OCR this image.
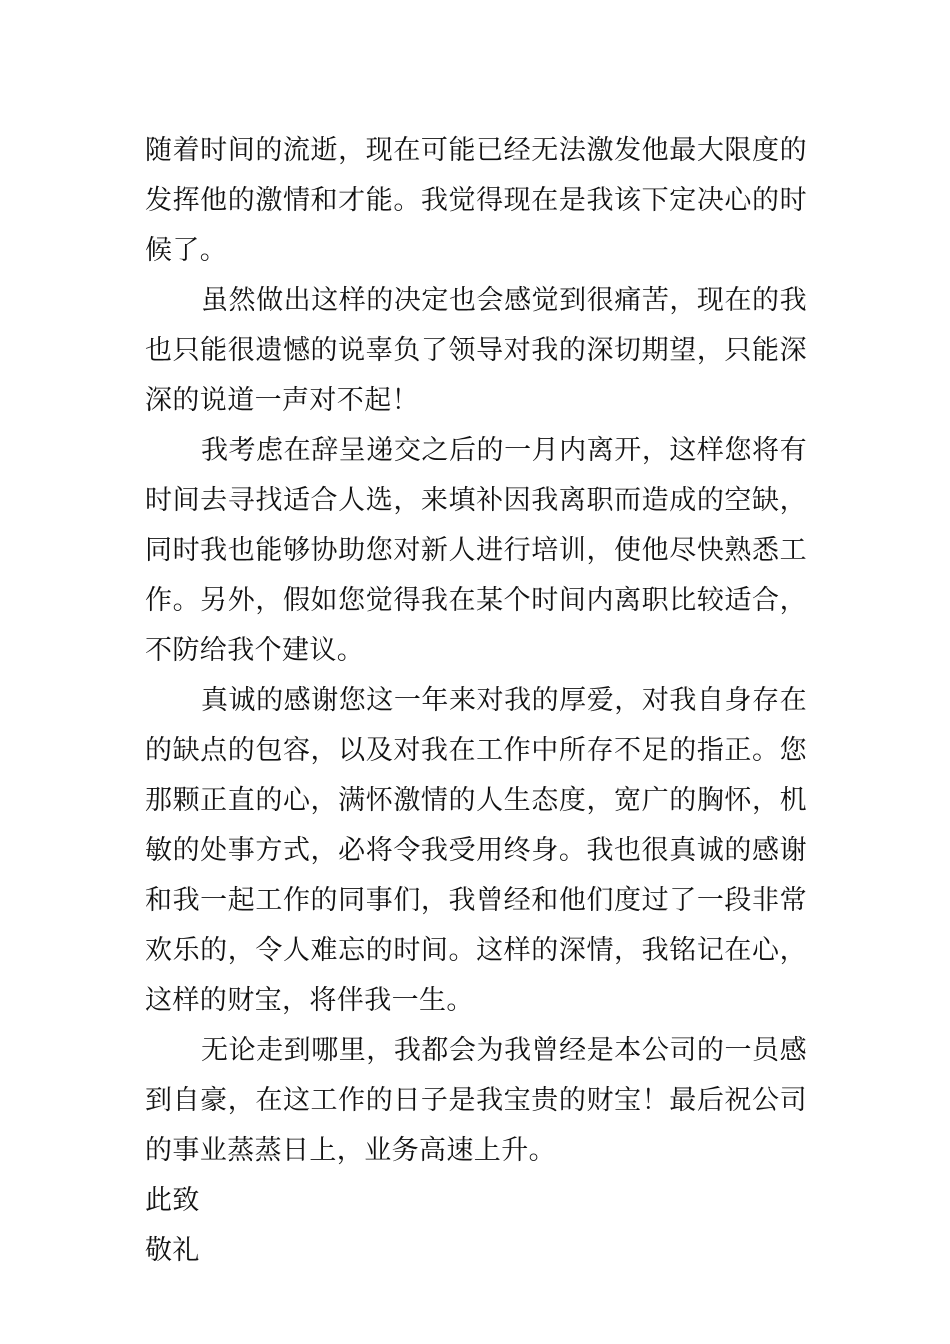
随着时间的流逝，现在可能已经无法激发他最大限度的发挥他的激情和才能。我觉得现在是我该下定决心的时候了。

虽然做出这样的决定也会感觉到很痛苦，现在的我也只能很遗憾的说辜负了领导对我的深切期望，只能深深的说道一声对不起！

我考虑在辞呈递交之后的一月内离开，这样您将有时间去寻找适合人选，来填补因我离职而造成的空缺，同时我也能够协助您对新人进行培训，使他尽快熟悉工作。另外，假如您觉得我在某个时间内离职比较适合，不防给我个建议。

真诚的感谢您这一年来对我的厚爱，对我自身存在的缺点的包容，以及对我在工作中所存不足的指正。您那颗正直的心，满怀激情的人生态度，宽广的胸怀，机敏的处事方式，必将令我受用终身。我也很真诚的感谢和我一起工作的同事们，我曾经和他们度过了一段非常欢乐的，令人难忘的时间。这样的深情，我铭记在心，这样的财宝，将伴我一生。

无论走到哪里，我都会为我曾经是本公司的一员感到自豪，在这工作的日子是我宝贵的财宝！最后祝公司的事业蒸蒸日上，业务高速上升。

此致

敬礼
